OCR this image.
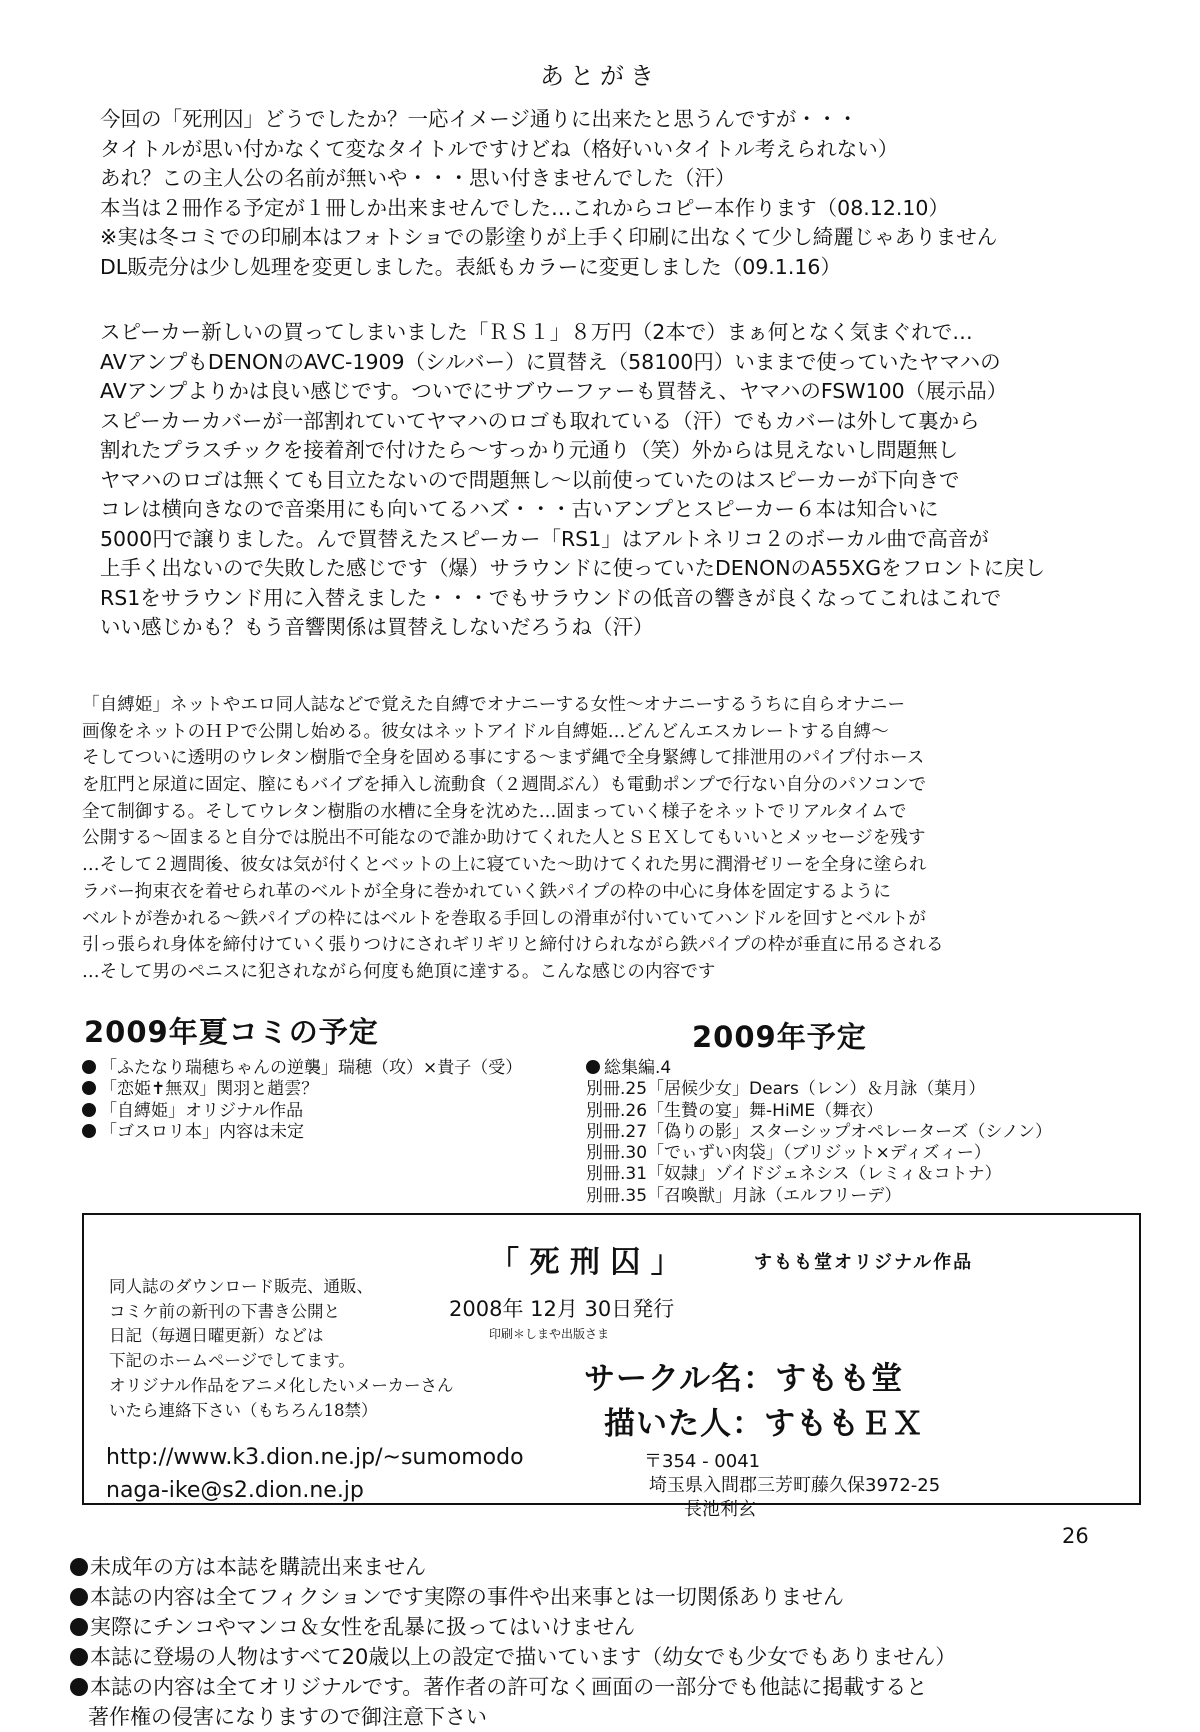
あとがき
今回の「死刑囚」どうでしたか？一応イメージ通りに出来たと思うんですが・・・
タイトルが思い付かなくて変なタイトルですけどね（格好いいタイトル考えられない）
あれ？この主人公の名前が無いや・・・思い付きませんでした（汗）
本当は２冊作る予定が１冊しか出来ませんでした…これからコピー本作ります（08.12.10）
※実は冬コミでの印刷本はフォトショでの影塗りが上手く印刷に出なくて少し綺麗じゃありません
DL販売分は少し処理を変更しました。表紙もカラーに変更しました（09.1.16）
スピーカー新しいの買ってしまいました「ＲＳ１」８万円（2本で）まぁ何となく気まぐれで…
AVアンプもDENONのAVC-1909（シルバー）に買替え（58100円）いままで使っていたヤマハの
AVアンプよりかは良い感じです。ついでにサブウーファーも買替え、ヤマハのFSW100（展示品）
スピーカーカバーが一部割れていてヤマハのロゴも取れている（汗）でもカバーは外して裏から
割れたプラスチックを接着剤で付けたら～すっかり元通り（笑）外からは見えないし問題無し
ヤマハのロゴは無くても目立たないので問題無し～以前使っていたのはスピーカーが下向きで
コレは横向きなので音楽用にも向いてるハズ・・・古いアンプとスピーカー６本は知合いに
5000円で譲りました。んで買替えたスピーカー「RS1」はアルトネリコ２のボーカル曲で高音が
上手く出ないので失敗した感じです（爆）サラウンドに使っていたDENONのA55XGをフロントに戻し
RS1をサラウンド用に入替えました・・・でもサラウンドの低音の響きが良くなってこれはこれで
いい感じかも？もう音響関係は買替えしないだろうね（汗）
「自縛姫」ネットやエロ同人誌などで覚えた自縛でオナニーする女性～オナニーするうちに自らオナニー
画像をネットのＨＰで公開し始める。彼女はネットアイドル自縛姫…どんどんエスカレートする自縛～
そしてついに透明のウレタン樹脂で全身を固める事にする～まず縄で全身緊縛して排泄用のパイプ付ホース
を肛門と尿道に固定、膣にもバイブを挿入し流動食（２週間ぶん）も電動ポンプで行ない自分のパソコンで
全て制御する。そしてウレタン樹脂の水槽に全身を沈めた…固まっていく様子をネットでリアルタイムで
公開する～固まると自分では脱出不可能なので誰か助けてくれた人とＳＥＸしてもいいとメッセージを残す
…そして２週間後、彼女は気が付くとベットの上に寝ていた～助けてくれた男に潤滑ゼリーを全身に塗られ
ラバー拘束衣を着せられ革のベルトが全身に巻かれていく鉄パイプの枠の中心に身体を固定するように
ベルトが巻かれる～鉄パイプの枠にはベルトを巻取る手回しの滑車が付いていてハンドルを回すとベルトが
引っ張られ身体を締付けていく張りつけにされギリギリと締付けられながら鉄パイプの枠が垂直に吊るされる
…そして男のペニスに犯されながら何度も絶頂に達する。こんな感じの内容です
2009年夏コミの予定
「ふたなり瑞穂ちゃんの逆襲」瑞穂（攻）×貴子（受）
「恋姫✝無双」関羽と趙雲？
「自縛姫」オリジナル作品
「ゴスロリ本」内容は未定
2009年予定
総集編.4
別冊.25「居候少女」Dears（レン）＆月詠（葉月）
別冊.26「生贄の宴」舞-HiME（舞衣）
別冊.27「偽りの影」スターシップオペレーターズ（シノン）
別冊.30「でぃずい肉袋」（ブリジット×ディズィー）
別冊.31「奴隷」ゾイドジェネシス（レミィ＆コトナ）
別冊.35「召喚獣」月詠（エルフリーデ）
「 死 刑 囚 」	すもも堂オリジナル作品
同人誌のダウンロード販売、通販、
コミケ前の新刊の下書き公開と
日記（毎週日曜更新）などは
下記のホームページでしてます。
オリジナル作品をアニメ化したいメーカーさん
いたら連絡下さい（もちろん18禁）
2008年 12月 30日発行
印刷＊しまや出版さま
サークル名：すもも堂
描いた人：すももＥＸ
http://www.k3.dion.ne.jp/~sumomodo
naga-ike@s2.dion.ne.jp
〒354 - 0041
埼玉県入間郡三芳町藤久保3972-25
長池利玄
26
未成年の方は本誌を購読出来ません
本誌の内容は全てフィクションです実際の事件や出来事とは一切関係ありません
実際にチンコやマンコ＆女性を乱暴に扱ってはいけません
本誌に登場の人物はすべて20歳以上の設定で描いています（幼女でも少女でもありません）
本誌の内容は全てオリジナルです。著作者の許可なく画面の一部分でも他誌に掲載すると
著作権の侵害になりますので御注意下さい
